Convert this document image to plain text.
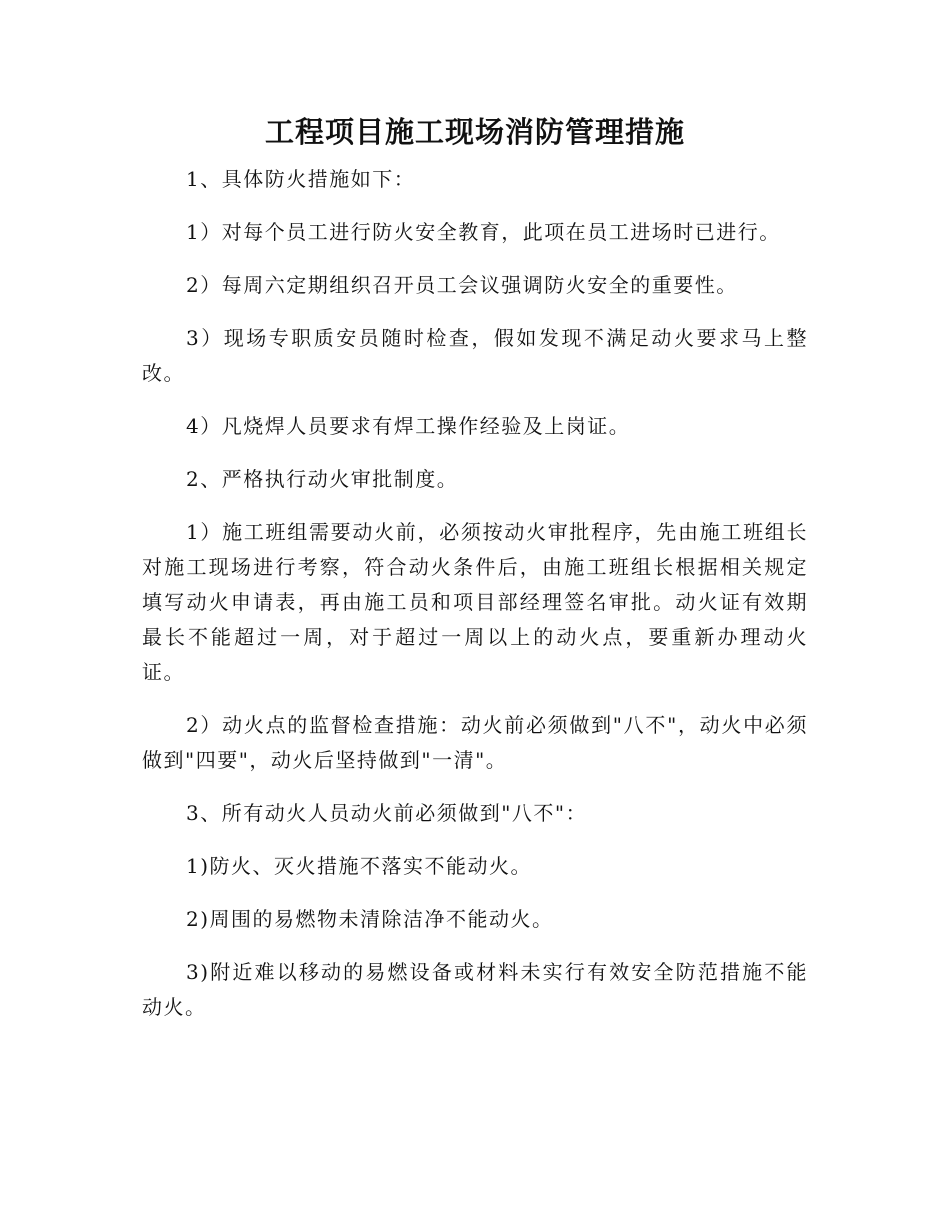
工程项目施工现场消防管理措施

1、具体防火措施如下：

1）对每个员工进行防火安全教育，此项在员工进场时已进行。

2）每周六定期组织召开员工会议强调防火安全的重要性。

3）现场专职质安员随时检查，假如发现不满足动火要求马上整改。

4）凡烧焊人员要求有焊工操作经验及上岗证。

2、严格执行动火审批制度。

1）施工班组需要动火前，必须按动火审批程序，先由施工班组长对施工现场进行考察，符合动火条件后，由施工班组长根据相关规定填写动火申请表，再由施工员和项目部经理签名审批。动火证有效期最长不能超过一周，对于超过一周以上的动火点，要重新办理动火证。

2）动火点的监督检查措施：动火前必须做到"八不"，动火中必须做到"四要"，动火后坚持做到"一清"。

3、所有动火人员动火前必须做到"八不"：

1)防火、灭火措施不落实不能动火。

2)周围的易燃物未清除洁净不能动火。

3)附近难以移动的易燃设备或材料未实行有效安全防范措施不能动火。
